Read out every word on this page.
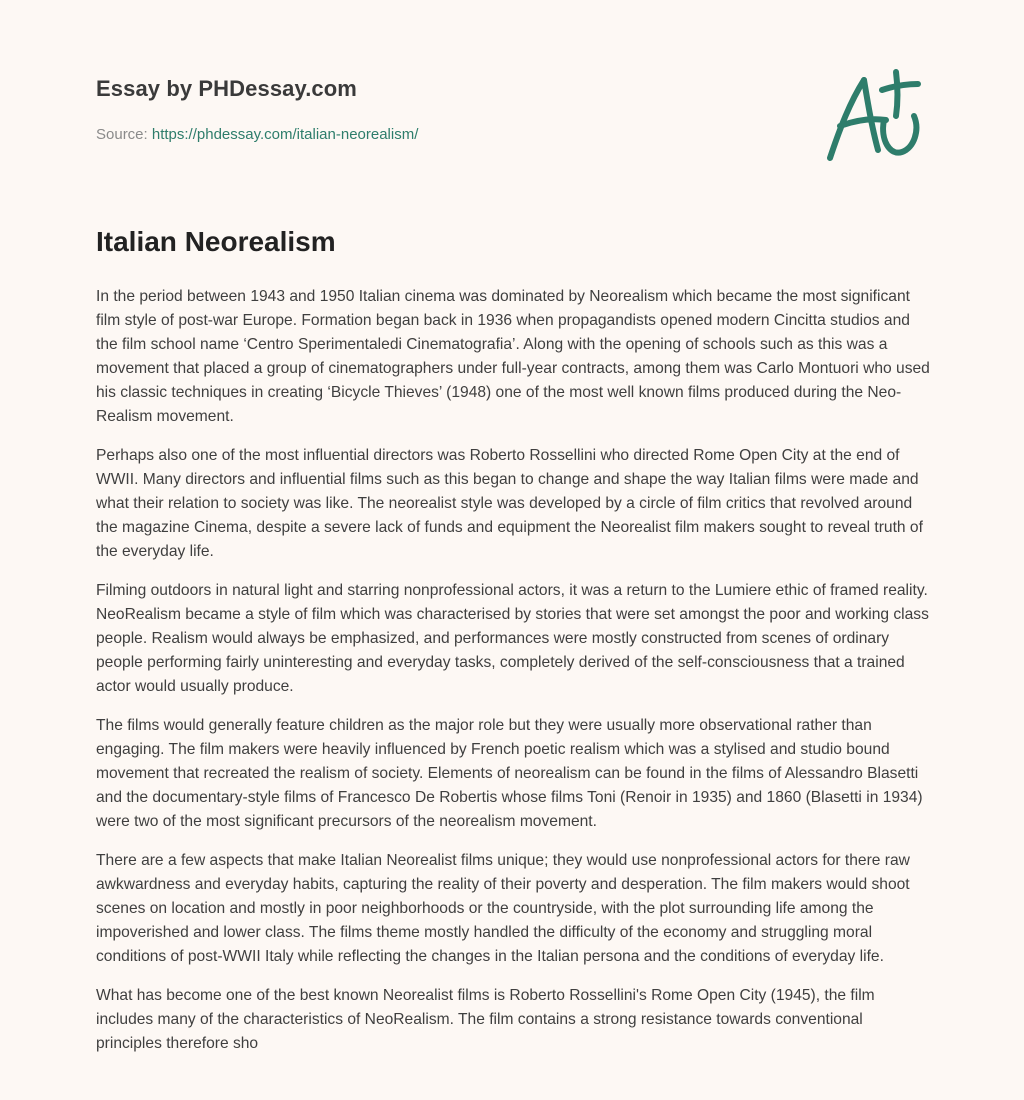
Essay by PHDessay.com
Source: https://phdessay.com/italian-neorealism/
Italian Neorealism

In the period between 1943 and 1950 Italian cinema was dominated by Neorealism which became the most significant film style of post-war Europe. Formation began back in 1936 when propagandists opened modern Cincitta studios and the film school name ‘Centro Sperimentaledi Cinematografia’. Along with the opening of schools such as this was a movement that placed a group of cinematographers under full-year contracts, among them was Carlo Montuori who used his classic techniques in creating ‘Bicycle Thieves’ (1948) one of the most well known films produced during the Neo-Realism movement.

Perhaps also one of the most influential directors was Roberto Rossellini who directed Rome Open City at the end of WWII. Many directors and influential films such as this began to change and shape the way Italian films were made and what their relation to society was like. The neorealist style was developed by a circle of film critics that revolved around the magazine Cinema, despite a severe lack of funds and equipment the Neorealist film makers sought to reveal truth of the everyday life.

Filming outdoors in natural light and starring nonprofessional actors, it was a return to the Lumiere ethic of framed reality. NeoRealism became a style of film which was characterised by stories that were set amongst the poor and working class people. Realism would always be emphasized, and performances were mostly constructed from scenes of ordinary people performing fairly uninteresting and everyday tasks, completely derived of the self-consciousness that a trained actor would usually produce.

The films would generally feature children as the major role but they were usually more observational rather than engaging. The film makers were heavily influenced by French poetic realism which was a stylised and studio bound movement that recreated the realism of society. Elements of neorealism can be found in the films of Alessandro Blasetti and the documentary-style films of Francesco De Robertis whose films Toni (Renoir in 1935) and 1860 (Blasetti in 1934) were two of the most significant precursors of the neorealism movement.

There are a few aspects that make Italian Neorealist films unique; they would use nonprofessional actors for there raw awkwardness and everyday habits, capturing the reality of their poverty and desperation. The film makers would shoot scenes on location and mostly in poor neighborhoods or the countryside, with the plot surrounding life among the impoverished and lower class. The films theme mostly handled the difficulty of the economy and struggling moral conditions of post-WWII Italy while reflecting the changes in the Italian persona and the conditions of everyday life.

What has become one of the best known Neorealist films is Roberto Rossellini's Rome Open City (1945), the film includes many of the characteristics of NeoRealism. The film contains a strong resistance towards conventional principles therefore sho
